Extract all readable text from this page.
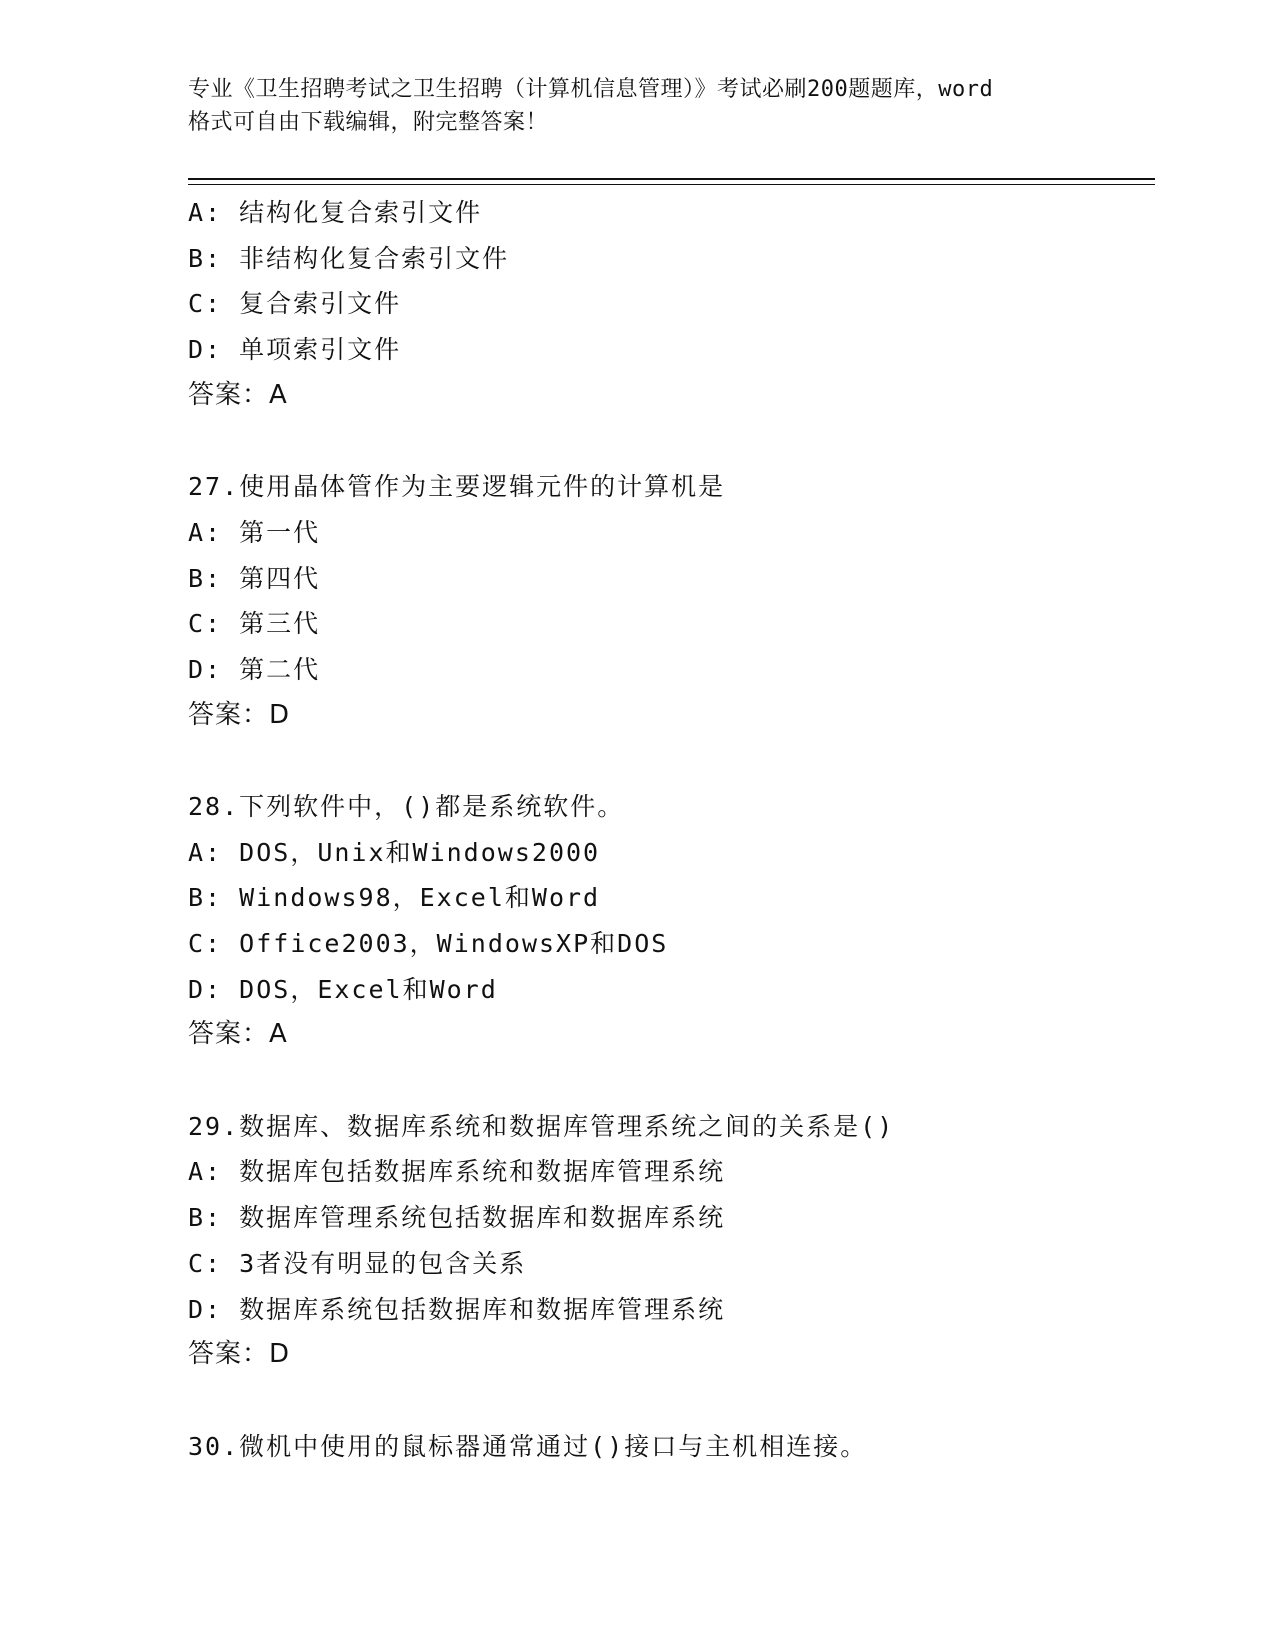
专业《卫生招聘考试之卫生招聘（计算机信息管理）》考试必刷200题题库，word
格式可自由下载编辑，附完整答案！
A: 结构化复合索引文件
B: 非结构化复合索引文件
C: 复合索引文件
D: 单项索引文件
答案：A
27.使用晶体管作为主要逻辑元件的计算机是
A: 第一代
B: 第四代
C: 第三代
D: 第二代
答案：D
28.下列软件中，()都是系统软件。
A: DOS，Unix和Windows2000
B: Windows98，Excel和Word
C: Office2003，WindowsXP和DOS
D: DOS，Excel和Word
答案：A
29.数据库、数据库系统和数据库管理系统之间的关系是()
A: 数据库包括数据库系统和数据库管理系统
B: 数据库管理系统包括数据库和数据库系统
C: 3者没有明显的包含关系
D: 数据库系统包括数据库和数据库管理系统
答案：D
30.微机中使用的鼠标器通常通过()接口与主机相连接。
